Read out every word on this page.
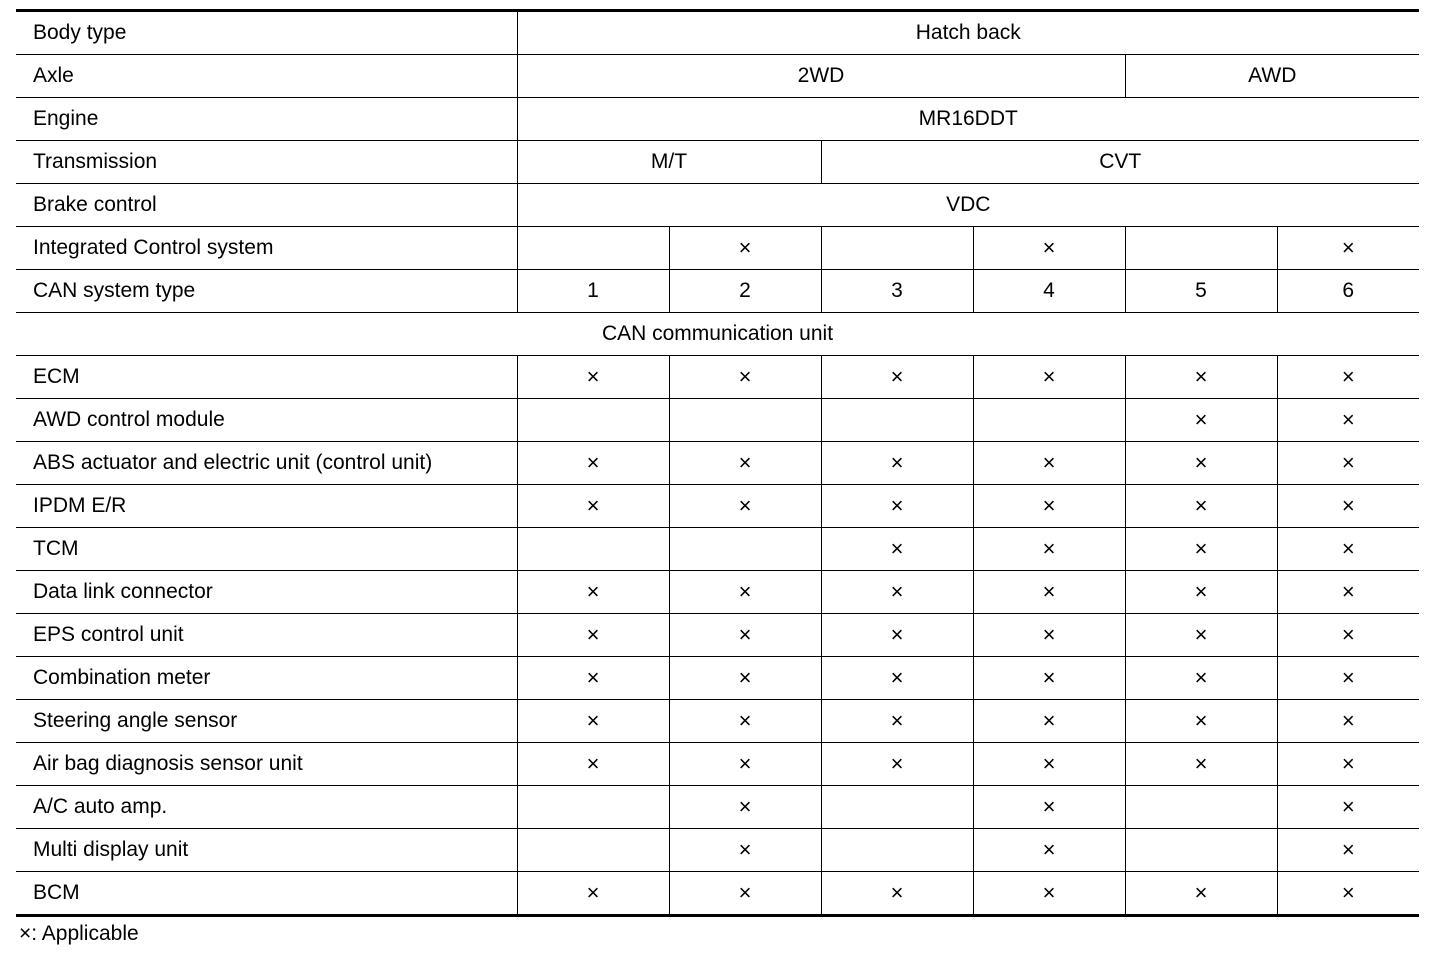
Body type	Hatch back					
Axle	2WD				AWD	
Engine	MR16DDT					
Transmission	M/T		CVT			
Brake control	VDC					
Integrated Control system		×		×		×
CAN system type	1	2	3	4	5	6
CAN communication unit						
ECM	×	×	×	×	×	×
AWD control module					×	×
ABS actuator and electric unit (control unit)	×	×	×	×	×	×
IPDM E/R	×	×	×	×	×	×
TCM			×	×	×	×
Data link connector	×	×	×	×	×	×
EPS control unit	×	×	×	×	×	×
Combination meter	×	×	×	×	×	×
Steering angle sensor	×	×	×	×	×	×
Air bag diagnosis sensor unit	×	×	×	×	×	×
A/C auto amp.		×		×		×
Multi display unit		×		×		×
BCM	×	×	×	×	×	×
×: Applicable
